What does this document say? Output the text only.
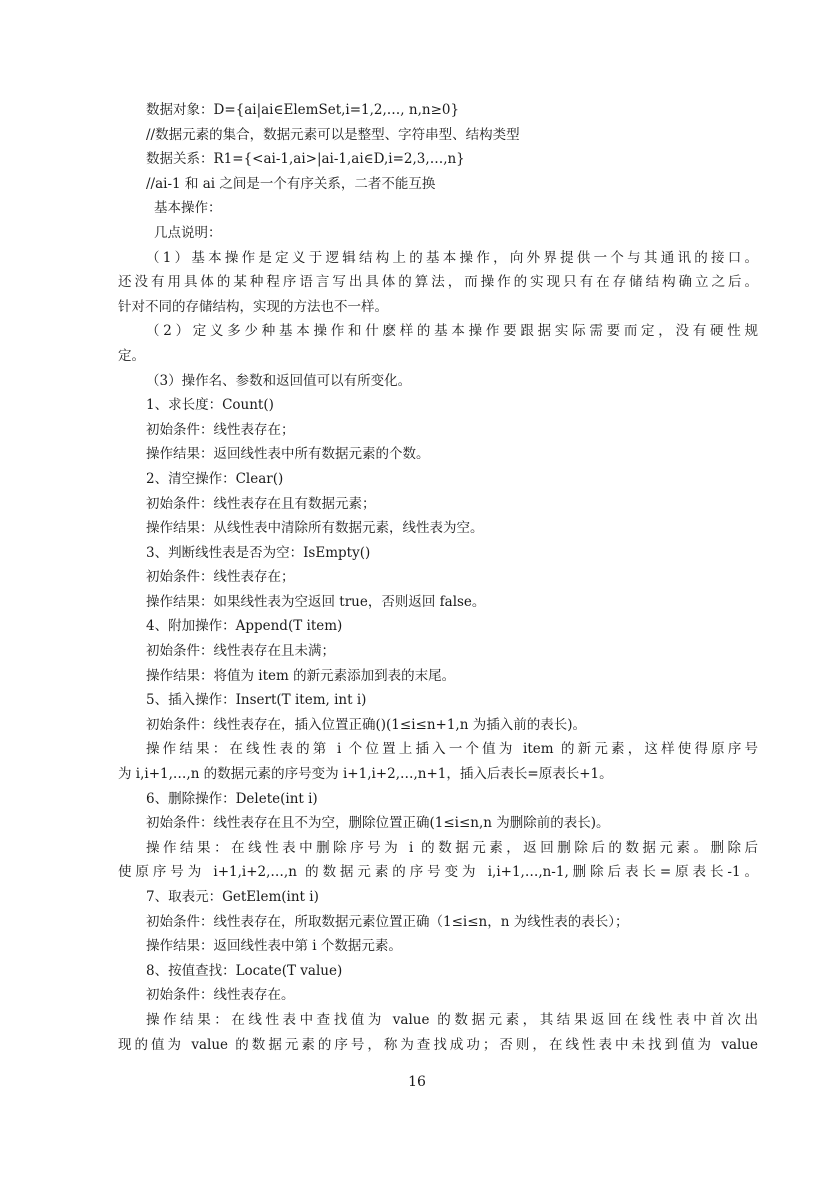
数据对象：D={ai|ai∈ElemSet,i=1,2,…, n,n≥0}

//数据元素的集合，数据元素可以是整型、字符串型、结构类型

数据关系：R1={<ai-1,ai>|ai-1,ai∈D,i=2,3,…,n}

//ai-1 和 ai 之间是一个有序关系，二者不能互换

基本操作：

几点说明：

（1）基本操作是定义于逻辑结构上的基本操作，向外界提供一个与其通讯的接口。

还没有用具体的某种程序语言写出具体的算法，而操作的实现只有在存储结构确立之后。

针对不同的存储结构，实现的方法也不一样。

（2）定义多少种基本操作和什麽样的基本操作要跟据实际需要而定，没有硬性规

定。

（3）操作名、参数和返回值可以有所变化。

1、求长度：Count()

初始条件：线性表存在；

操作结果：返回线性表中所有数据元素的个数。

2、清空操作：Clear()

初始条件：线性表存在且有数据元素；

操作结果：从线性表中清除所有数据元素，线性表为空。

3、判断线性表是否为空：IsEmpty()

初始条件：线性表存在；

操作结果：如果线性表为空返回 true，否则返回 false。

4、附加操作：Append(T item)

初始条件：线性表存在且未满；

操作结果：将值为 item 的新元素添加到表的末尾。

5、插入操作：Insert(T item, int i)

初始条件：线性表存在，插入位置正确()(1≤i≤n+1,n 为插入前的表长)。

操作结果：在线性表的第 i 个位置上插入一个值为 item 的新元素，这样使得原序号

为 i,i+1,…,n 的数据元素的序号变为 i+1,i+2,…,n+1，插入后表长=原表长+1。

6、删除操作：Delete(int i)

初始条件：线性表存在且不为空，删除位置正确(1≤i≤n,n 为删除前的表长)。

操作结果：在线性表中删除序号为 i 的数据元素，返回删除后的数据元素。删除后

使原序号为 i+1,i+2,…,n 的数据元素的序号变为 i,i+1,…,n-1,删除后表长=原表长-1。

7、取表元：GetElem(int i)

初始条件：线性表存在，所取数据元素位置正确（1≤i≤n，n 为线性表的表长）；

操作结果：返回线性表中第 i 个数据元素。

8、按值查找：Locate(T value)

初始条件：线性表存在。

操作结果：在线性表中查找值为 value 的数据元素，其结果返回在线性表中首次出

现的值为 value 的数据元素的序号，称为查找成功；否则，在线性表中未找到值为 value

16
